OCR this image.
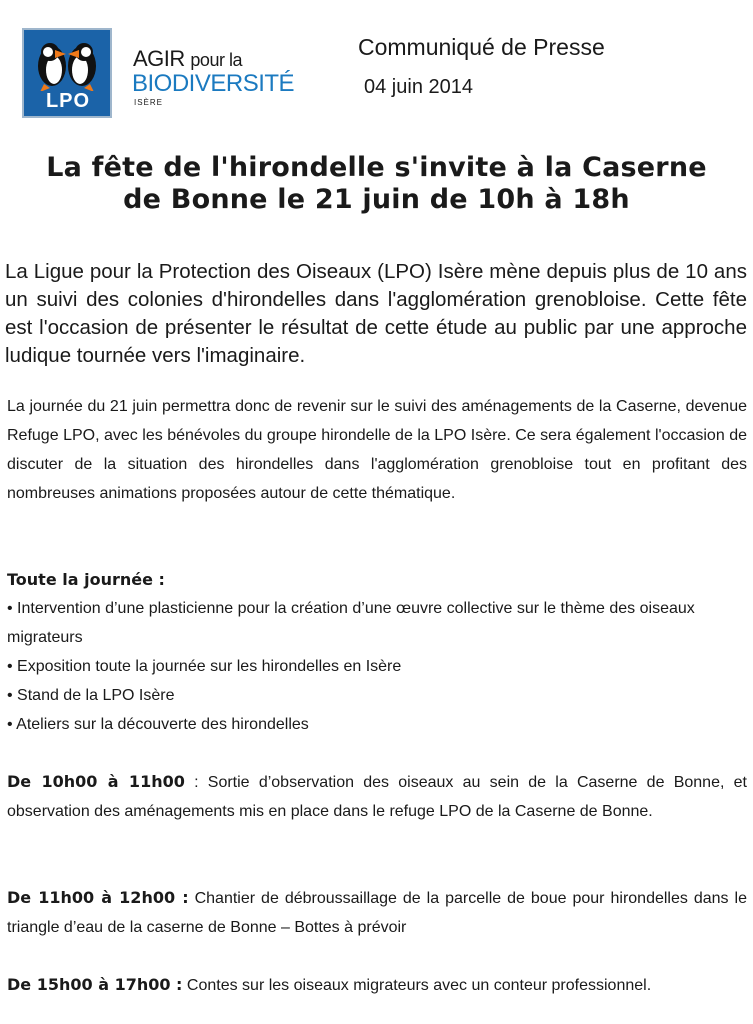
LPO
AGIR pour la
BIODIVERSITÉ
ISÈRE
Communiqué de Presse
04 juin 2014
La fête de l'hirondelle s'invite à la Caserne
de Bonne le 21 juin de 10h à 18h
La Ligue pour la Protection des Oiseaux (LPO) Isère mène depuis plus de 10 ans un suivi des colonies d'hirondelles dans l'agglomération grenobloise. Cette fête est l'occasion de présenter le résultat de cette étude au public par une approche ludique tournée vers l'imaginaire.
La journée du 21 juin permettra donc de revenir sur le suivi des aménagements de la Caserne, devenue Refuge LPO, avec les bénévoles du groupe hirondelle de la LPO Isère. Ce sera également l'occasion de discuter de la situation des hirondelles dans l'agglomération grenobloise tout en profitant des nombreuses animations proposées autour de cette thématique.
Toute la journée :
• Intervention d’une plasticienne pour la création d’une œuvre collective sur le thème des oiseaux migrateurs
• Exposition toute la journée sur les hirondelles en Isère
• Stand de la LPO Isère
• Ateliers sur la découverte des hirondelles
De 10h00 à 11h00 : Sortie d’observation des oiseaux au sein de la Caserne de Bonne, et observation des aménagements mis en place dans le refuge LPO de la Caserne de Bonne.
De 11h00 à 12h00 : Chantier de débroussaillage de la parcelle de boue pour hirondelles dans le triangle d’eau de la caserne de Bonne – Bottes à prévoir
De 15h00 à 17h00 : Contes sur les oiseaux migrateurs avec un conteur professionnel.
